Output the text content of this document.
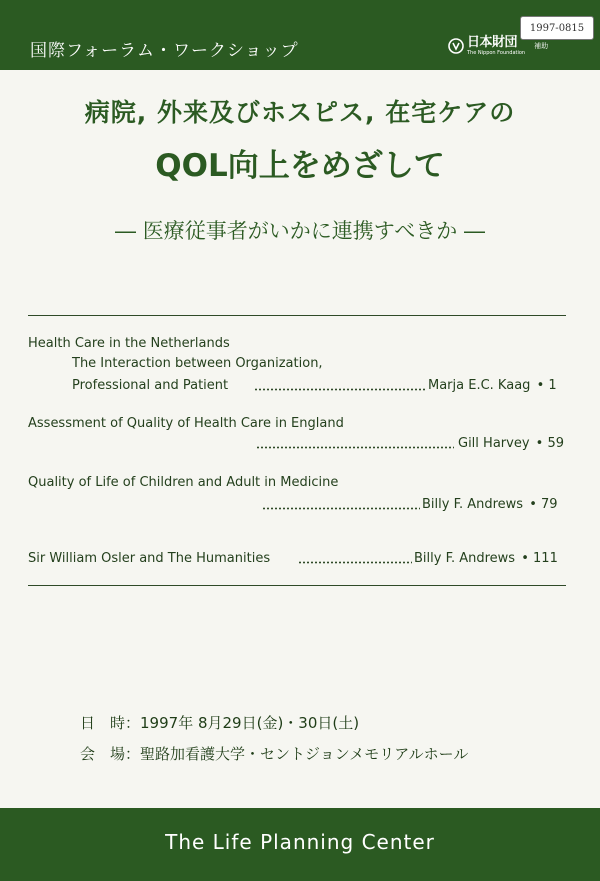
国際フォーラム・ワークショップ	日本財団
The Nippon Foundation
補助
1997-0815
病院, 外来及びホスピス, 在宅ケアの
QOL向上をめざして
― 医療従事者がいかに連携すべきか ―
Health Care in the Netherlands
The Interaction between Organization,
Professional and Patient	Marja E.C. Kaag • 1
Assessment of Quality of Health Care in England
Gill Harvey • 59
Quality of Life of Children and Adult in Medicine
Billy F. Andrews • 79
Sir William Osler and The Humanities	Billy F. Andrews • 111
日　時：1997年 8月29日(金)・30日(土)
会　場：聖路加看護大学・セントジョンメモリアルホール
The Life Planning Center
